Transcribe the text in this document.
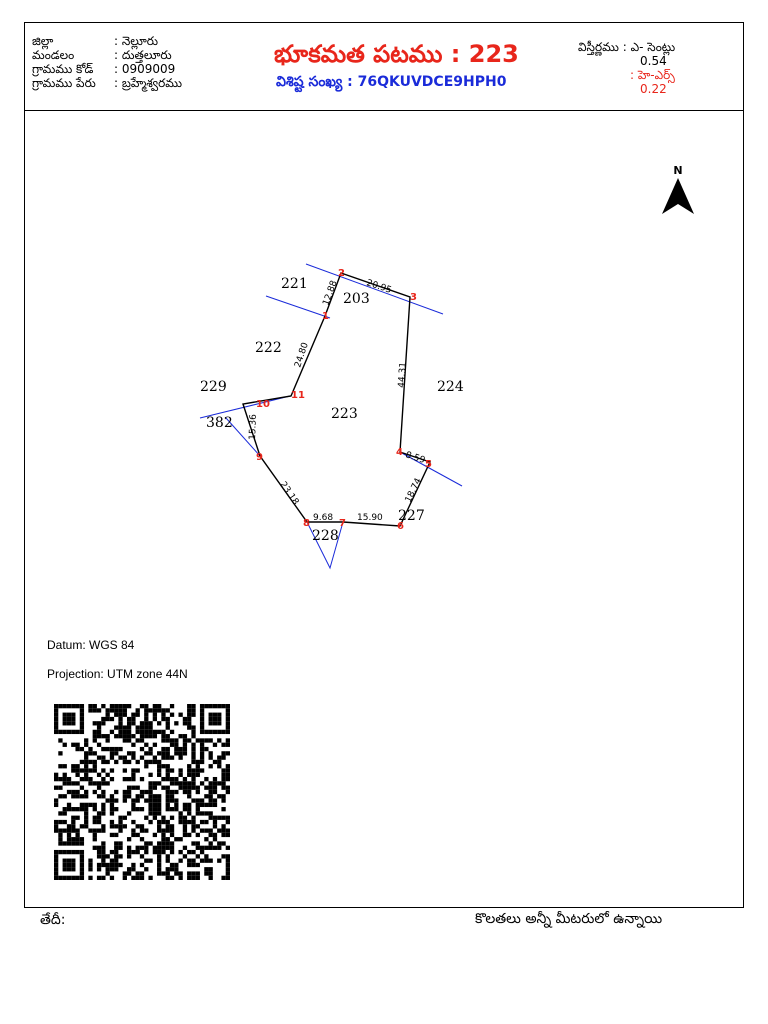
జిల్లా	: నెల్లూరు
మండలం	: దుత్తలూరు
గ్రామము కోడ్	: 0909009
గ్రామము పేరు	: బ్రహ్మేశ్వరము
భూకమత పటము : 223
విశిష్ట సంఖ్య : 76QKUVDCE9HPH0
విస్తీర్ణము : ఎ- సెంట్లు
0.54
: హె-ఎర్స్
0.22
N
12.88	20.95
44.31
8.59
18.74
15.90
9.68
23.18
15.36
24.80
1
2
3
4
5
6
7
8
9
10
11
223
221
203
222
229
382
224
227
228
Datum: WGS 84
Projection: UTM zone 44N
తేదీ:	కొలతలు అన్నీ మీటరులో ఉన్నాయి
